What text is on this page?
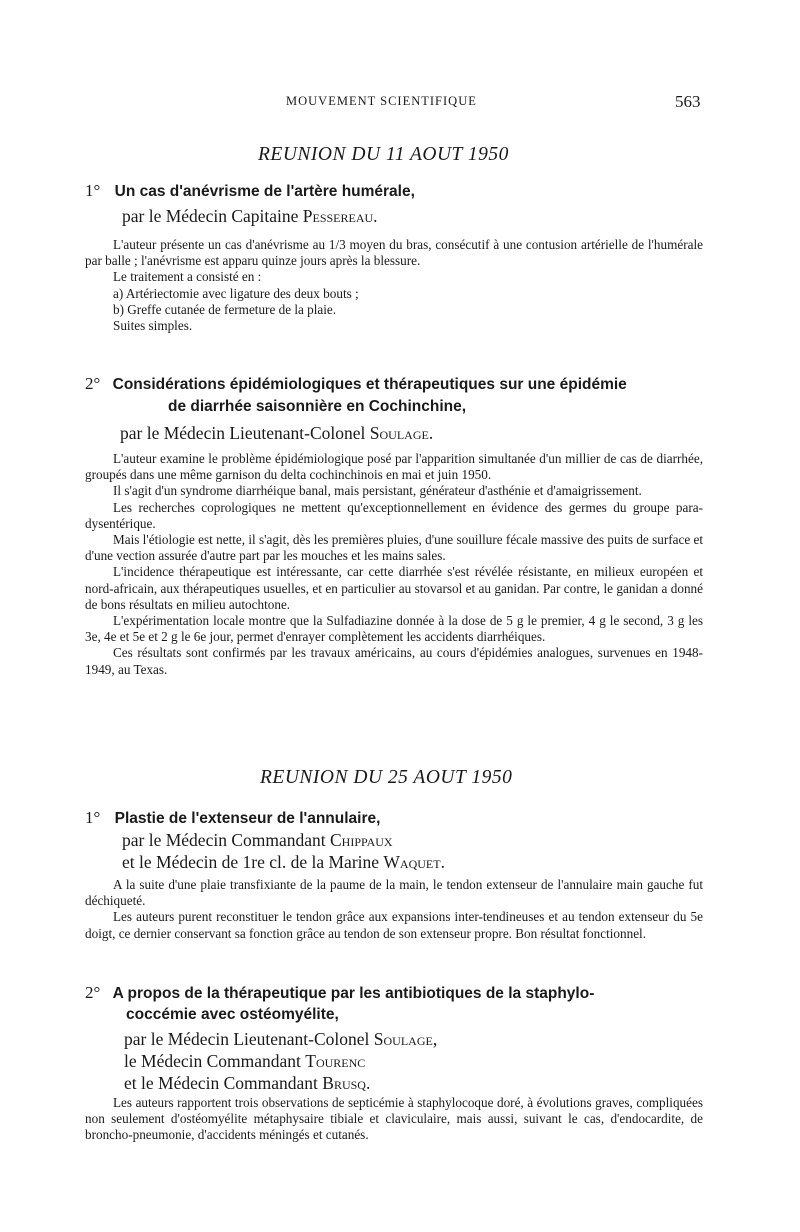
MOUVEMENT SCIENTIFIQUE	563
REUNION DU 11 AOUT 1950
1° Un cas d'anévrisme de l'artère humérale,
par le Médecin Capitaine Pessereau.

L'auteur présente un cas d'anévrisme au 1/3 moyen du bras, consécutif à une contusion artérielle de l'humérale par balle ; l'anévrisme est apparu quinze jours après la blessure.

Le traitement a consisté en :

a) Artériectomie avec ligature des deux bouts ;

b) Greffe cutanée de fermeture de la plaie.

Suites simples.

2° Considérations épidémiologiques et thérapeutiques sur une épidémie
de diarrhée saisonnière en Cochinchine,
par le Médecin Lieutenant-Colonel Soulage.

L'auteur examine le problème épidémiologique posé par l'apparition simultanée d'un millier de cas de diarrhée, groupés dans une même garnison du delta cochinchinois en mai et juin 1950.

Il s'agit d'un syndrome diarrhéique banal, mais persistant, générateur d'asthénie et d'amaigrissement.

Les recherches coprologiques ne mettent qu'exceptionnellement en évidence des germes du groupe para-dysentérique.

Mais l'étiologie est nette, il s'agit, dès les premières pluies, d'une souillure fécale massive des puits de surface et d'une vection assurée d'autre part par les mouches et les mains sales.

L'incidence thérapeutique est intéressante, car cette diarrhée s'est révélée résistante, en milieux européen et nord-africain, aux thérapeutiques usuelles, et en particulier au stovarsol et au ganidan. Par contre, le ganidan a donné de bons résultats en milieu autochtone.

L'expérimentation locale montre que la Sulfadiazine donnée à la dose de 5 g le premier, 4 g le second, 3 g les 3e, 4e et 5e et 2 g le 6e jour, permet d'enrayer complètement les accidents diarrhéiques.

Ces résultats sont confirmés par les travaux américains, au cours d'épidémies analogues, survenues en 1948-1949, au Texas.

REUNION DU 25 AOUT 1950
1° Plastie de l'extenseur de l'annulaire,
par le Médecin Commandant Chippaux
et le Médecin de 1re cl. de la Marine Waquet.

A la suite d'une plaie transfixiante de la paume de la main, le tendon extenseur de l'annulaire main gauche fut déchiqueté.

Les auteurs purent reconstituer le tendon grâce aux expansions inter-tendineuses et au tendon extenseur du 5e doigt, ce dernier conservant sa fonction grâce au tendon de son extenseur propre. Bon résultat fonctionnel.

2° A propos de la thérapeutique par les antibiotiques de la staphylo-
coccémie avec ostéomyélite,
par le Médecin Lieutenant-Colonel Soulage,
le Médecin Commandant Tourenc
et le Médecin Commandant Brusq.

Les auteurs rapportent trois observations de septicémie à staphylocoque doré, à évolutions graves, compliquées non seulement d'ostéomyélite métaphysaire tibiale et claviculaire, mais aussi, suivant le cas, d'endocardite, de broncho-pneumonie, d'accidents méningés et cutanés.
